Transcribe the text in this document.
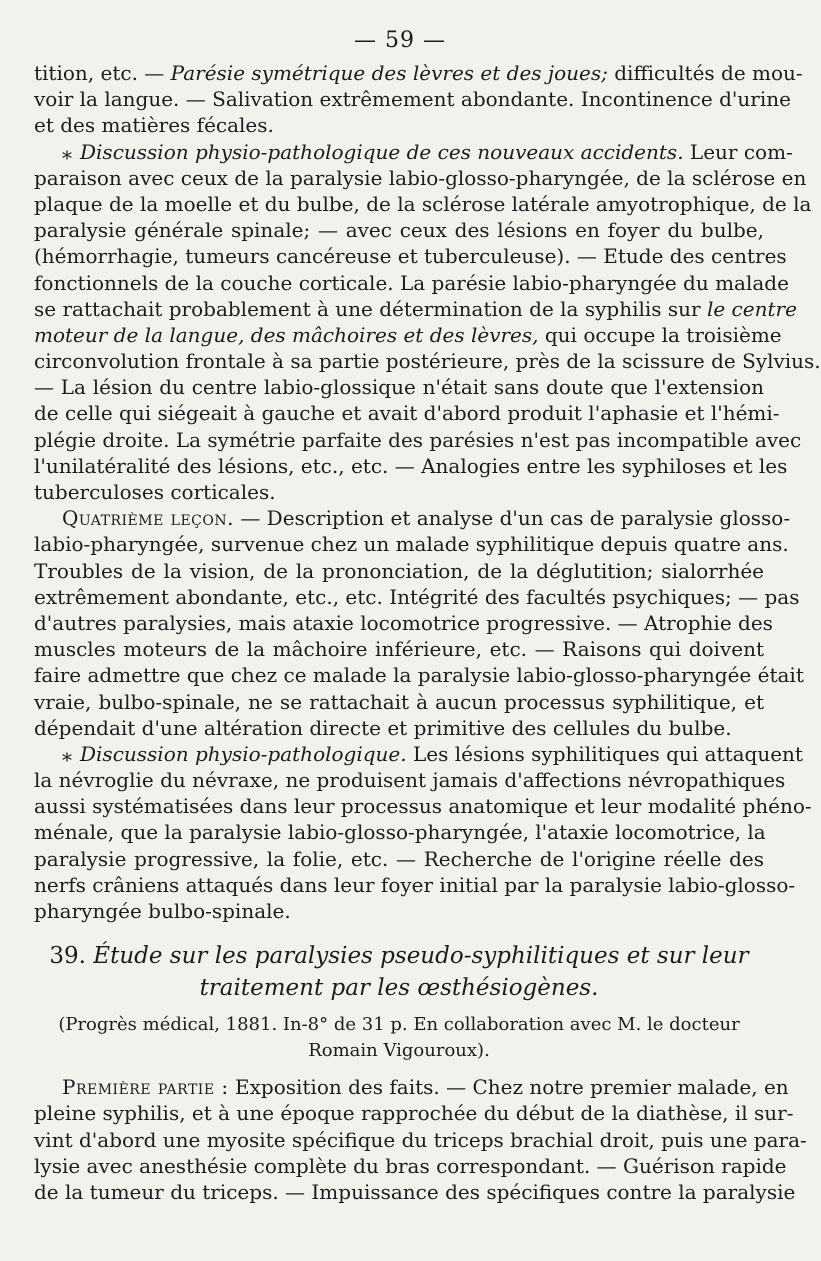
— 59 —
tition, etc. — Parésie symétrique des lèvres et des joues; difficultés de mou-
voir la langue. — Salivation extrêmement abondante. Incontinence d'urine
et des matières fécales.
⁎ Discussion physio-pathologique de ces nouveaux accidents. Leur com-
paraison avec ceux de la paralysie labio-glosso-pharyngée, de la sclérose en
plaque de la moelle et du bulbe, de la sclérose latérale amyotrophique, de la
paralysie générale spinale; — avec ceux des lésions en foyer du bulbe,
(hémorrhagie, tumeurs cancéreuse et tuberculeuse). — Etude des centres
fonctionnels de la couche corticale. La parésie labio-pharyngée du malade
se rattachait probablement à une détermination de la syphilis sur le centre
moteur de la langue, des mâchoires et des lèvres, qui occupe la troisième
circonvolution frontale à sa partie postérieure, près de la scissure de Sylvius.
— La lésion du centre labio-glossique n'était sans doute que l'extension
de celle qui siégeait à gauche et avait d'abord produit l'aphasie et l'hémi-
plégie droite. La symétrie parfaite des parésies n'est pas incompatible avec
l'unilatéralité des lésions, etc., etc. — Analogies entre les syphiloses et les
tuberculoses corticales.
Quatrième leçon. — Description et analyse d'un cas de paralysie glosso-
labio-pharyngée, survenue chez un malade syphilitique depuis quatre ans.
Troubles de la vision, de la prononciation, de la déglutition; sialorrhée
extrêmement abondante, etc., etc. Intégrité des facultés psychiques; — pas
d'autres paralysies, mais ataxie locomotrice progressive. — Atrophie des
muscles moteurs de la mâchoire inférieure, etc. — Raisons qui doivent
faire admettre que chez ce malade la paralysie labio-glosso-pharyngée était
vraie, bulbo-spinale, ne se rattachait à aucun processus syphilitique, et
dépendait d'une altération directe et primitive des cellules du bulbe.
⁎ Discussion physio-pathologique. Les lésions syphilitiques qui attaquent
la névroglie du névraxe, ne produisent jamais d'affections névropathiques
aussi systématisées dans leur processus anatomique et leur modalité phéno-
ménale, que la paralysie labio-glosso-pharyngée, l'ataxie locomotrice, la
paralysie progressive, la folie, etc. — Recherche de l'origine réelle des
nerfs crâniens attaqués dans leur foyer initial par la paralysie labio-glosso-
pharyngée bulbo-spinale.
39. Étude sur les paralysies pseudo-syphilitiques et sur leur
traitement par les œsthésiogènes.
(Progrès médical, 1881. In-8° de 31 p. En collaboration avec M. le docteur
Romain Vigouroux).
Première partie : Exposition des faits. — Chez notre premier malade, en
pleine syphilis, et à une époque rapprochée du début de la diathèse, il sur-
vint d'abord une myosite spécifique du triceps brachial droit, puis une para-
lysie avec anesthésie complète du bras correspondant. — Guérison rapide
de la tumeur du triceps. — Impuissance des spécifiques contre la paralysie
